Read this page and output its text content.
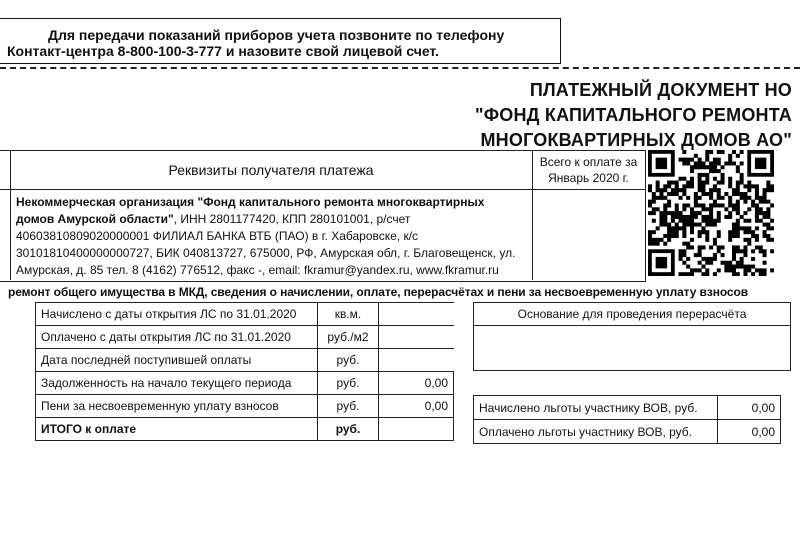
Для передачи показаний приборов учета позвоните по телефону
Контакт-центра 8-800-100-3-777 и назовите свой лицевой счет.
ПЛАТЕЖНЫЙ ДОКУМЕНТ НО
"ФОНД КАПИТАЛЬНОГО РЕМОНТА
МНОГОКВАРТИРНЫХ ДОМОВ АО"
Реквизиты получателя платежа	Всего к оплате за
Январь 2020 г.
Некоммерческая организация "Фонд капитального ремонта многоквартирных домов Амурской области", ИНН 2801177420, КПП 280101001, р/счет 40603810809020000001 ФИЛИАЛ БАНКА ВТБ (ПАО) в г. Хабаровске, к/с 30101810400000000727, БИК 040813727, 675000, РФ, Амурская обл, г. Благовещенск, ул. Амурская, д. 85 тел. 8 (4162) 776512, факс -, email: fkramur@yandex.ru, www.fkramur.ru
ремонт общего имущества в МКД, сведения о начислении, оплате, перерасчётах и пени за несвоевременную уплату взносов
Начислено с даты открытия ЛС по 31.01.2020	кв.м.	
Оплачено с даты открытия ЛС по 31.01.2020	руб./м2	
Дата последней поступившей оплаты	руб.	
Задолженность на начало текущего периода	руб.	0,00
Пени за несвоевременную уплату взносов	руб.	0,00
ИТОГО к оплате	руб.	
Основание для проведения перерасчёта

Начислено льготы участнику ВОВ, руб.	0,00
Оплачено льготы участнику ВОВ, руб.	0,00
